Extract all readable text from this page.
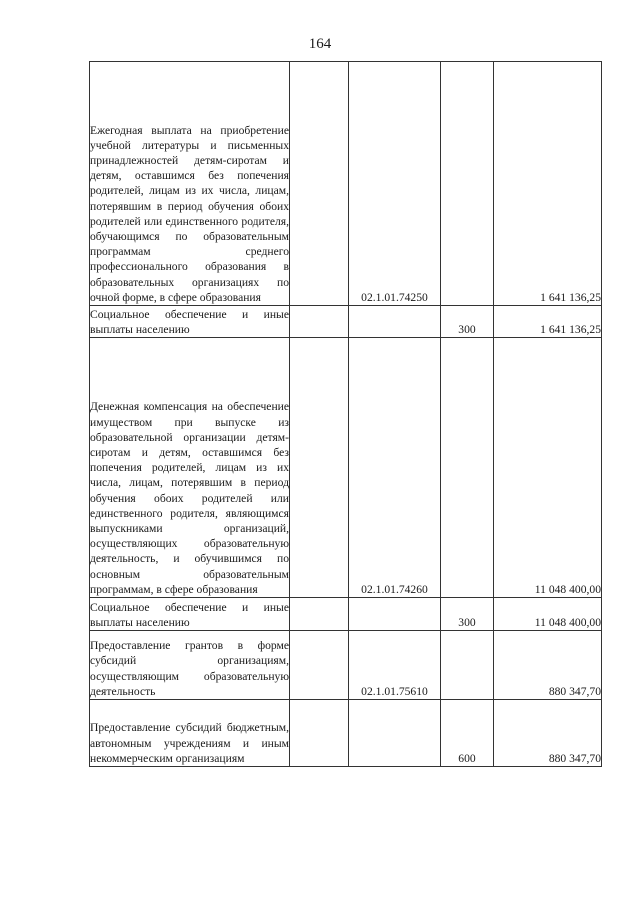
164
Ежегодная выплата на приобретение учебной литературы и письменных принадлежностей детям-сиротам и детям, оставшимся без попечения родителей, лицам из их числа, лицам, потерявшим в период обучения обоих родителей или единственного родителя, обучающимся по образовательным программам среднего профессионального образования в образовательных организациях по очной форме, в сфере образования		02.1.01.74250		1 641 136,25

Социальное обеспечение и иные выплаты населению			300	1 641 136,25

Денежная компенсация на обеспечение имуществом при выпуске из образовательной организации детям-сиротам и детям, оставшимся без попечения родителей, лицам из их числа, лицам, потерявшим в период обучения обоих родителей или единственного родителя, являющимся выпускниками организаций, осуществляющих образовательную деятельность, и обучившимся по основным образовательным программам, в сфере образования		02.1.01.74260		11 048 400,00

Социальное обеспечение и иные выплаты населению			300	11 048 400,00

Предоставление грантов в форме субсидий организациям, осуществляющим образовательную деятельность		02.1.01.75610		880 347,70

Предоставление субсидий бюджетным, автономным учреждениям и иным некоммерческим организациям			600	880 347,70
